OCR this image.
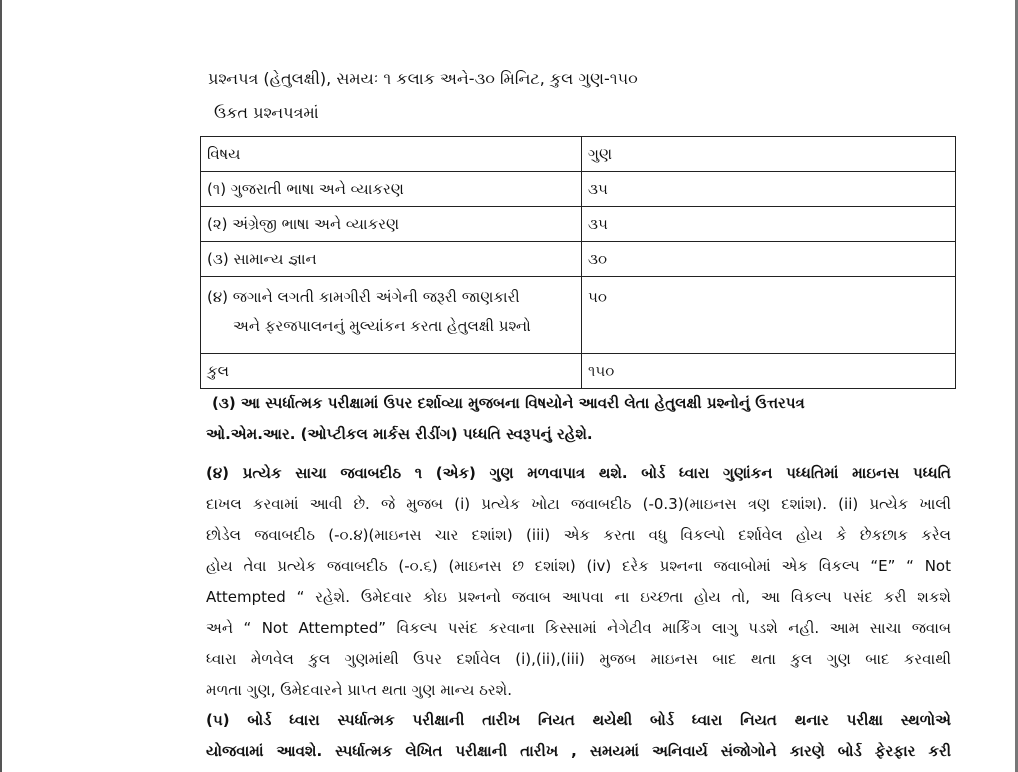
પ્રશ્નપત્ર (હેતુલક્ષી), સમયઃ ૧ કલાક અને-૩૦ મિનિટ, કુલ ગુણ-૧૫૦
ઉકત પ્રશ્નપત્રમાં
વિષય	ગુણ
(૧) ગુજરાતી ભાષા અને વ્યાકરણ	૩૫
(૨) અંગ્રેજી ભાષા અને વ્યાકરણ	૩૫
(૩) સામાન્ય જ્ઞાન	૩૦
(૪) જગાને લગતી કામગીરી અંગેની જરૂરી જાણકારી
અને ફરજપાલનનું મુલ્યાંકન કરતા હેતુલક્ષી પ્રશ્નો	૫૦
કુલ	૧૫૦
(૩) આ સ્પર્ધાત્મક પરીક્ષામાં ઉપર દર્શાવ્યા મુજબના વિષયોને આવરી લેતા હેતુલક્ષી પ્રશ્નોનું ઉત્તરપત્ર
ઓ.એમ.આર. (ઓપ્ટીકલ માર્કસ રીડીંગ) પધ્ધતિ સ્વરૂપનું રહેશે.
(૪) પ્રત્યેક સાચા જવાબદીઠ ૧ (એક) ગુણ મળવાપાત્ર થશે. બોર્ડ ધ્વારા ગુણાંકન પધ્ધતિમાં માઇનસ પધ્ધતિ
દાખલ કરવામાં આવી છે. જે મુજબ (i) પ્રત્યેક ખોટા જવાબદીઠ (-0.3)(માઇનસ ત્રણ દશાંશ). (ii) પ્રત્યેક ખાલી
છોડેલ જવાબદીઠ (-૦.૪)(માઇનસ ચાર દશાંશ) (iii) એક કરતા વધુ વિકલ્પો દર્શાવેલ હોય કે છેકછાક કરેલ
હોય તેવા પ્રત્યેક જવાબદીઠ (-૦.૬) (માઇનસ છ દશાંશ) (iv) દરેક પ્રશ્નના જવાબોમાં એક વિકલ્પ “E” “ Not
Attempted “ રહેશે. ઉમેદવાર કોઇ પ્રશ્નનો જવાબ આપવા ના ઇચ્છતા હોય તો, આ વિકલ્પ પસંદ કરી શકશે
અને “ Not Attempted” વિકલ્પ પસંદ કરવાના કિસ્સામાં નેગેટીવ માર્કિંગ લાગુ પડશે નહી. આમ સાચા જવાબ
ધ્વારા મેળવેલ કુલ ગુણમાંથી ઉપર દર્શાવેલ (i),(ii),(iii) મુજબ માઇનસ બાદ થતા કુલ ગુણ બાદ કરવાથી
મળતા ગુણ, ઉમેદવારને પ્રાપ્ત થતા ગુણ માન્ય ઠરશે.
(૫) બોર્ડ ધ્વારા સ્પર્ધાત્મક પરીક્ષાની તારીખ નિયત થયેથી બોર્ડ ધ્વારા નિયત થનાર પરીક્ષા સ્થળોએ
યોજવામાં આવશે. સ્પર્ધાત્મક લેખિત પરીક્ષાની તારીખ , સમયમાં અનિવાર્ય સંજોગોને કારણે બોર્ડ ફેરફાર કરી
